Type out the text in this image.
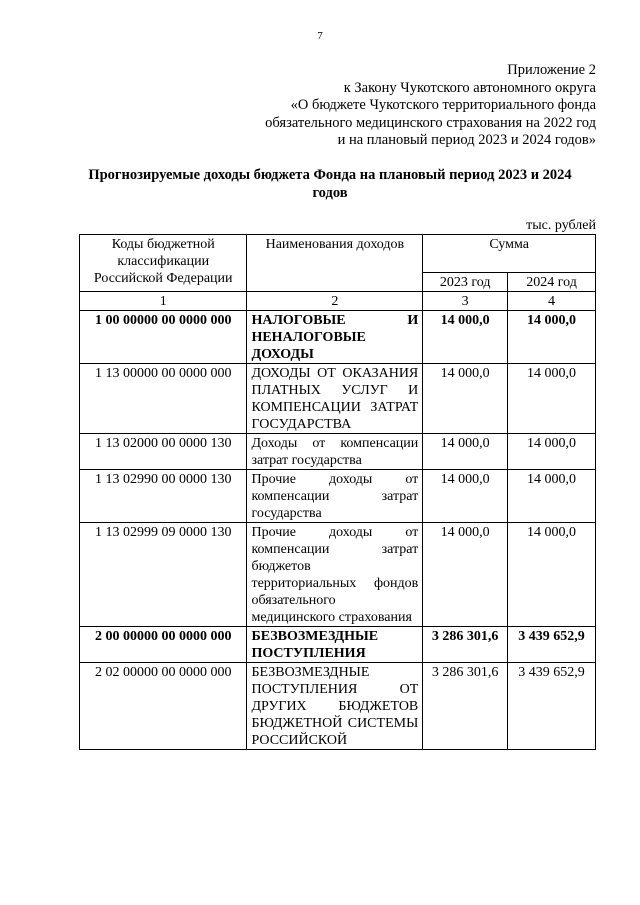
7
Приложение 2
к Закону Чукотского автономного округа
«О бюджете Чукотского территориального фонда
обязательного медицинского страхования на 2022 год
и на плановый период 2023 и 2024 годов»
Прогнозируемые доходы бюджета Фонда на плановый период 2023 и 2024 годов
тыс. рублей
Коды бюджетной классификации Российской Федерации	Наименования доходов	Сумма	
		2023 год	2024 год
1	2	3	4
1 00 00000 00 0000 000	НАЛОГОВЫЕ И НЕНАЛОГОВЫЕ ДОХОДЫ	14 000,0	14 000,0
1 13 00000 00 0000 000	ДОХОДЫ ОТ ОКАЗАНИЯ ПЛАТНЫХ УСЛУГ И КОМПЕНСАЦИИ ЗАТРАТ ГОСУДАРСТВА	14 000,0	14 000,0
1 13 02000 00 0000 130	Доходы от компенсации затрат государства	14 000,0	14 000,0
1 13 02990 00 0000 130	Прочие доходы от компенсации затрат государства	14 000,0	14 000,0
1 13 02999 09 0000 130	Прочие доходы от компенсации затрат бюджетов территориальных фондов обязательного медицинского страхования	14 000,0	14 000,0
2 00 00000 00 0000 000	БЕЗВОЗМЕЗДНЫЕ ПОСТУПЛЕНИЯ	3 286 301,6	3 439 652,9
2 02 00000 00 0000 000	БЕЗВОЗМЕЗДНЫЕ ПОСТУПЛЕНИЯ ОТ ДРУГИХ БЮДЖЕТОВ БЮДЖЕТНОЙ СИСТЕМЫ РОССИЙСКОЙ	3 286 301,6	3 439 652,9
